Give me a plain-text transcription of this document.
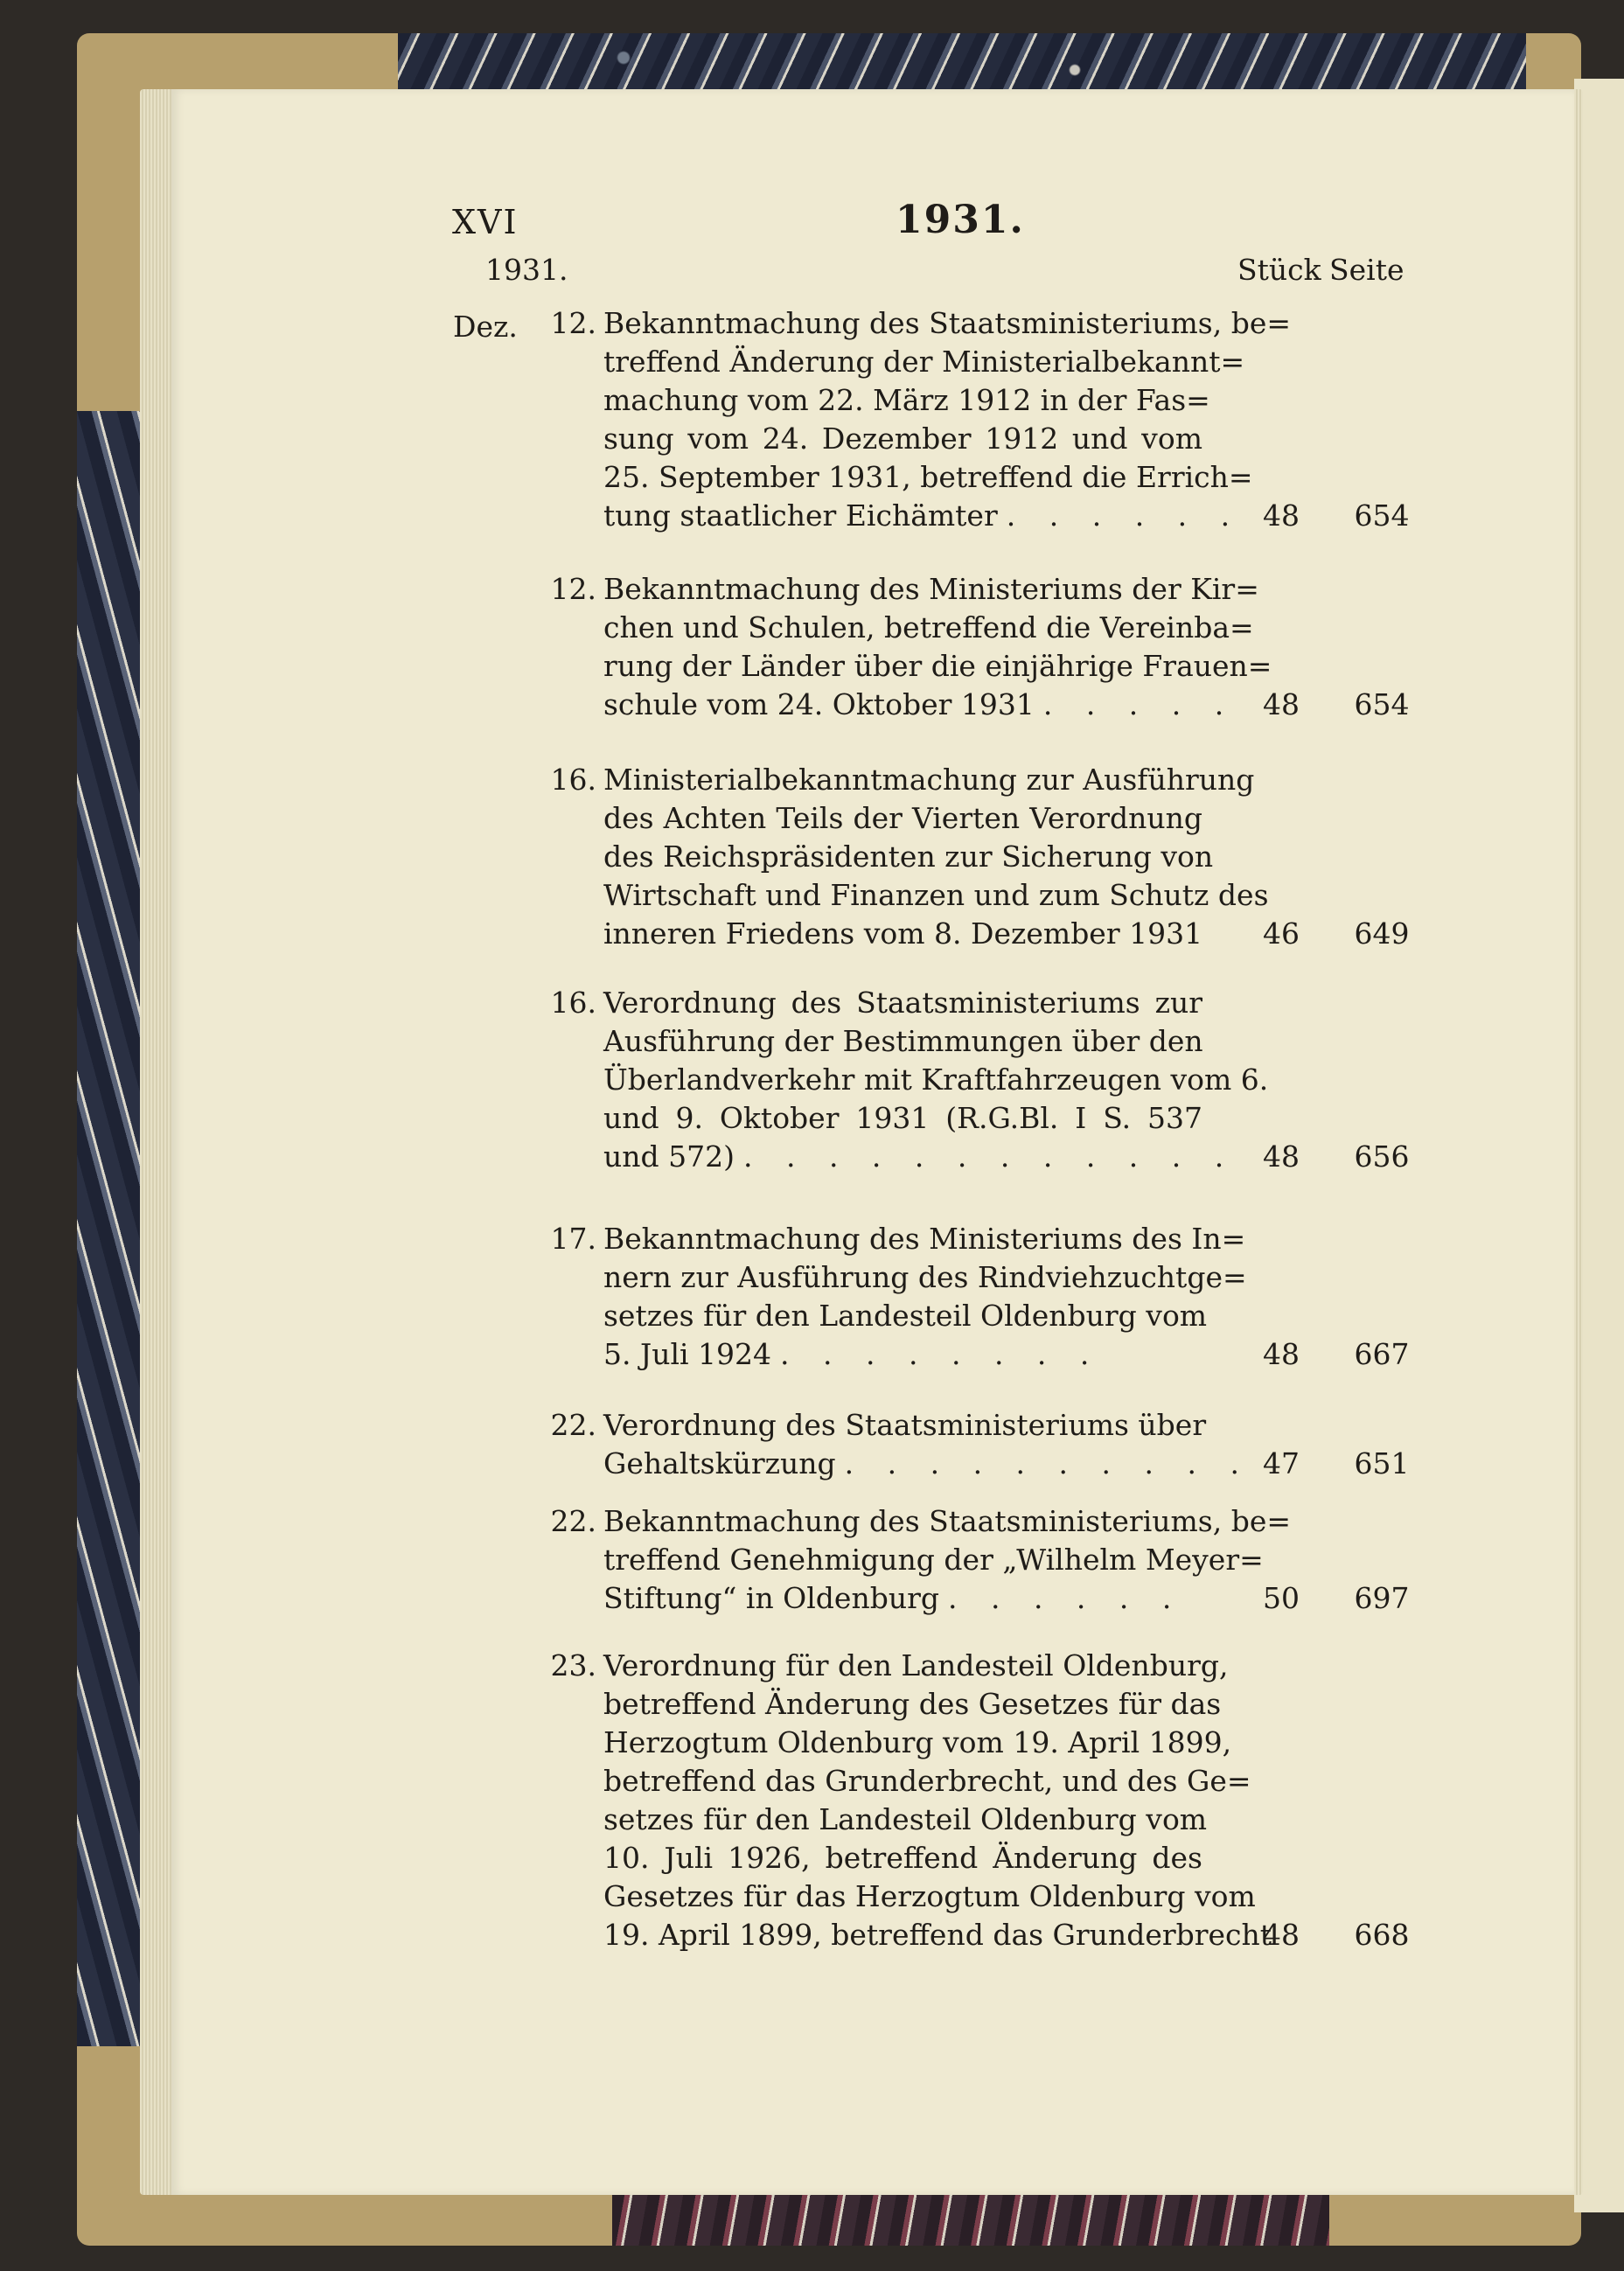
XVI	1931.
1931.	Stück Seite
Dez. 12. Bekanntmachung des Staatsministeriums, be=
treffend Änderung der Ministerialbekannt=
machung vom 22. März 1912 in der Fas=
sung vom 24. Dezember 1912 und vom
25. September 1931, betreffend die Errich=
tung staatlicher Eichämter . . . . . . 48	654
12. Bekanntmachung des Ministeriums der Kir=
chen und Schulen, betreffend die Vereinba=
rung der Länder über die einjährige Frauen=
schule vom 24. Oktober 1931 . . . . . 48	654
16. Ministerialbekanntmachung zur Ausführung
des Achten Teils der Vierten Verordnung
des Reichspräsidenten zur Sicherung von
Wirtschaft und Finanzen und zum Schutz des
inneren Friedens vom 8. Dezember 1931	46	649
16. Verordnung des Staatsministeriums zur
Ausführung der Bestimmungen über den
Überlandverkehr mit Kraftfahrzeugen vom 6.
und 9. Oktober 1931 (R.G.Bl. I S. 537
und 572) . . . . . . . . . . . . 48	656
17. Bekanntmachung des Ministeriums des In=
nern zur Ausführung des Rindviehzuchtge=
setzes für den Landesteil Oldenburg vom
5. Juli 1924 . . . . . . . .	48	667
22. Verordnung des Staatsministeriums über
Gehaltskürzung . . . . . . . . . . 47	651
22. Bekanntmachung des Staatsministeriums, be=
treffend Genehmigung der „Wilhelm Meyer=
Stiftung“ in Oldenburg . . . . . .	50	697
23. Verordnung für den Landesteil Oldenburg,
betreffend Änderung des Gesetzes für das
Herzogtum Oldenburg vom 19. April 1899,
betreffend das Grunderbrecht, und des Ge=
setzes für den Landesteil Oldenburg vom
10. Juli 1926, betreffend Änderung des
Gesetzes für das Herzogtum Oldenburg vom
19. April 1899, betreffend das Grunderbrecht
48	668
